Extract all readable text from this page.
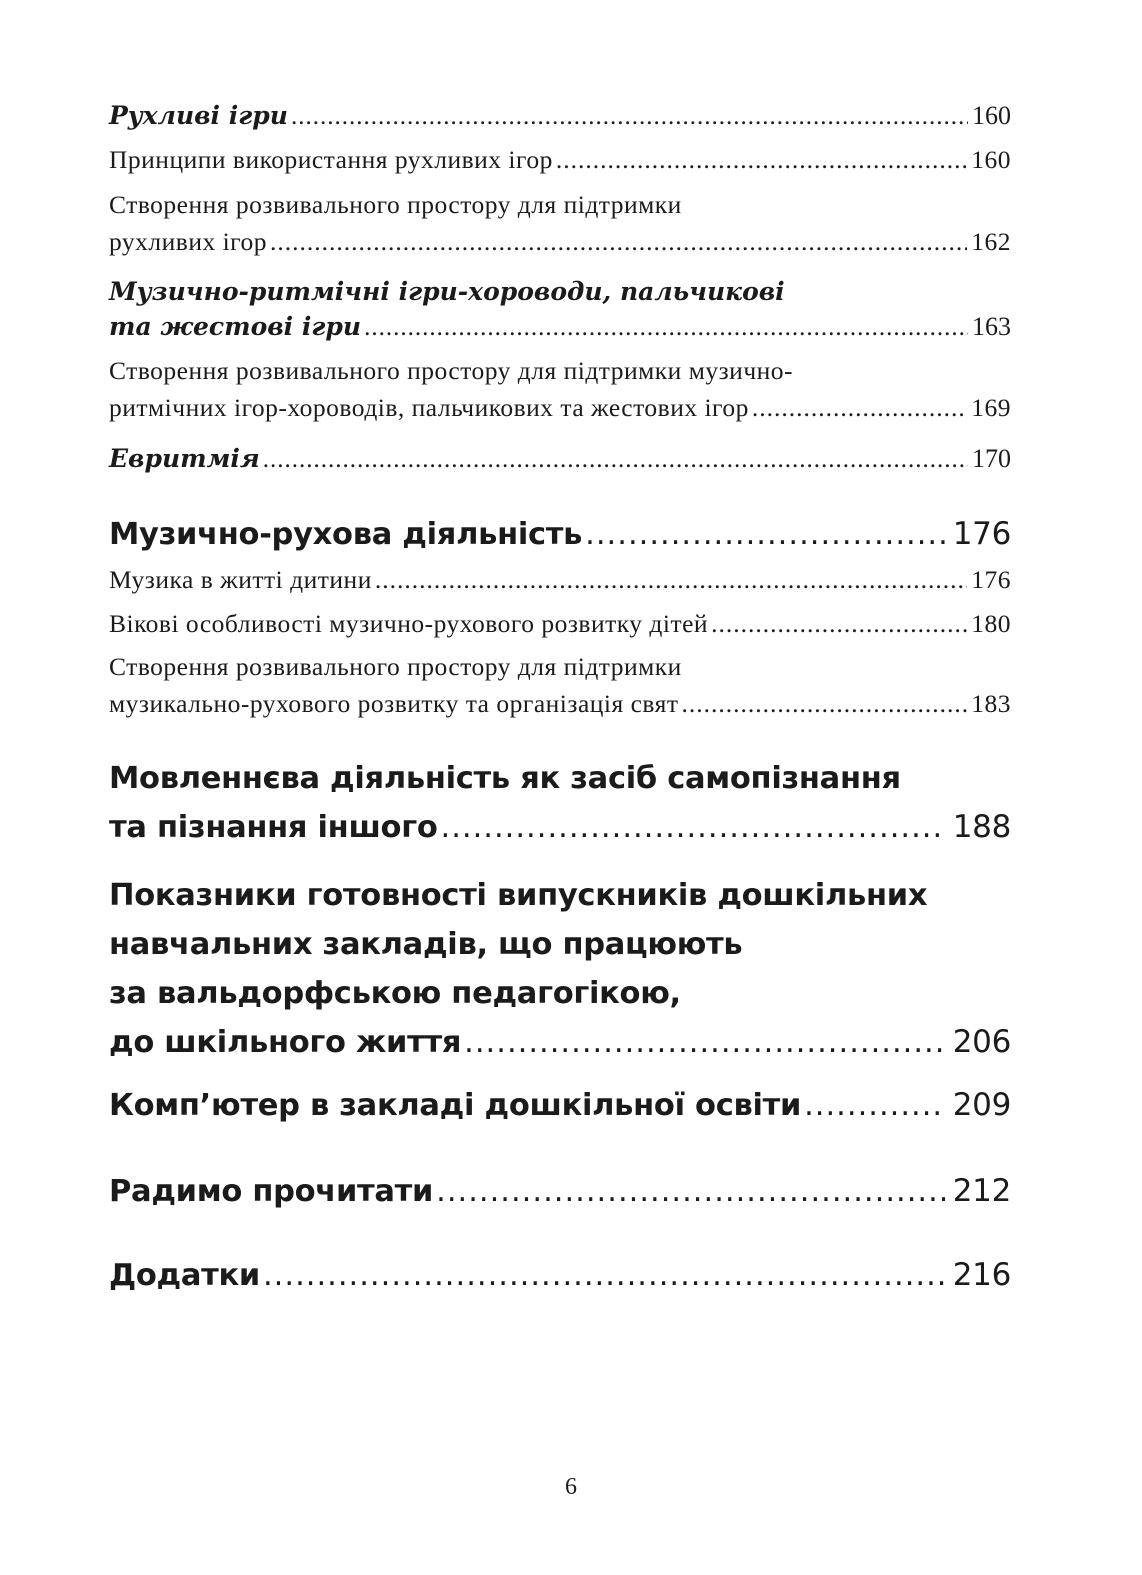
Рухливі ігри .....	160
Принципи використання рухливих ігор .....	160
Створення розвивального простору для підтримки
рухливих ігор .....	162
Музично-ритмічні ігри-хороводи, пальчикові
та жестові ігри .....	163
Створення розвивального простору для підтримки музично-
ритмічних ігор-хороводів, пальчикових та жестових ігор .....	169
Евритмія .....	170
Музично-рухова діяльність .....	176
Музика в житті дитини .....	176
Вікові особливості музично-рухового розвитку дітей .....	180
Створення розвивального простору для підтримки
музикально-рухового розвитку та організація свят .....	183
Мовленнєва діяльність як засіб самопізнання
та пізнання іншого .....	188
Показники готовності випускників дошкільних
навчальних закладів, що працюють
за вальдорфською педагогікою,
до шкільного життя .....	206
Комп’ютер в закладі дошкільної освіти .....	209
Радимо прочитати .....	212
Додатки .....	216
6
